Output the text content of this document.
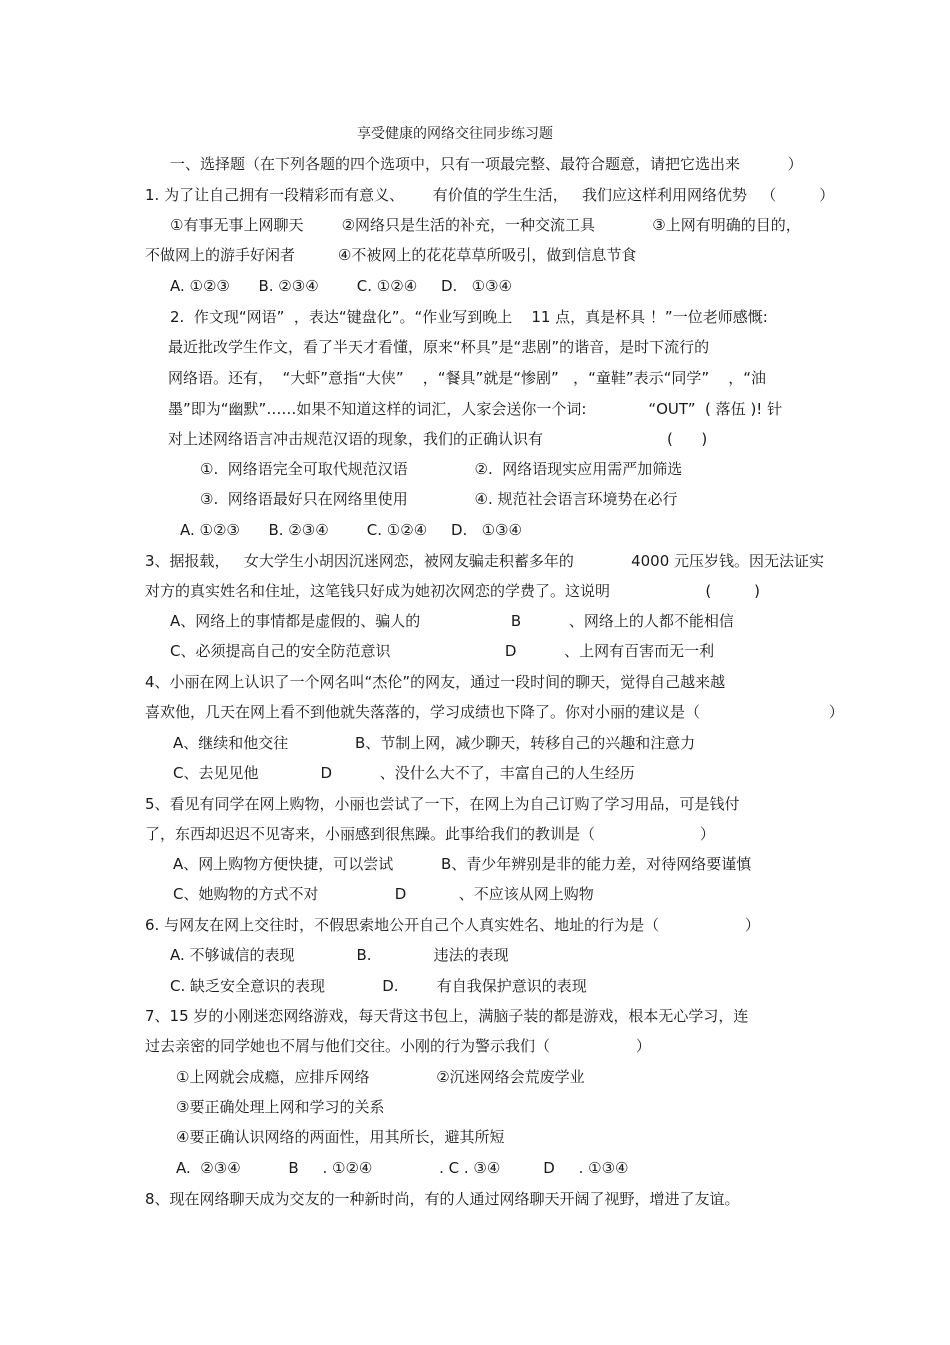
享受健康的网络交往同步练习题
一、选择题（在下列各题的四个选项中，只有一项最完整、最符合题意，请把它选出来          ）
1. 为了让自己拥有一段精彩而有意义、      有价值的学生生活，   我们应这样利用网络优势   （         ）
①有事无事上网聊天        ②网络只是生活的补充，一种交流工具            ③上网有明确的目的，
不做网上的游手好闲者         ④不被网上的花花草草所吸引，做到信息节食
A. ①②③      B. ②③④        C. ①②④     D.   ①③④
2.  作文现“网语”  ，表达“键盘化”。“作业写到晚上    11 点，真是杯具 ！”一位老师感慨:
最近批改学生作文，看了半天才看懂，原来“杯具”是“悲剧”的谐音，是时下流行的
网络语。还有，  “大虾”意指“大侠”    ，“餐具”就是“惨剧”   ，“童鞋”表示“同学”    ，“油
墨”即为“幽默”……如果不知道这样的词汇，人家会送你一个词:             “OUT”  ( 落伍 )! 针
对上述网络语言冲击规范汉语的现象，我们的正确认识有                          (      )
①.  网络语完全可取代规范汉语              ②.  网络语现实应用需严加筛选
③.  网络语最好只在网络里使用              ④. 规范社会语言环境势在必行
A. ①②③      B. ②③④        C. ①②④     D.   ①③④
3、据报载，   女大学生小胡因沉迷网恋，被网友骗走积蓄多年的            4000 元压岁钱。因无法证实
对方的真实姓名和住址，这笔钱只好成为她初次网恋的学费了。这说明                    (         )
A、网络上的事情都是虚假的、骗人的                   B          、网络上的人都不能相信
C、必须提高自己的安全防范意识                        D          、上网有百害而无一利
4、小丽在网上认识了一个网名叫“杰伦”的网友，通过一段时间的聊天，觉得自己越来越
喜欢他，几天在网上看不到他就失落落的，学习成绩也下降了。你对小丽的建议是（                           ）
A、继续和他交往              B、节制上网，减少聊天，转移自己的兴趣和注意力
C、去见见他             D          、没什么大不了，丰富自己的人生经历
5、看见有同学在网上购物，小丽也尝试了一下，在网上为自己订购了学习用品，可是钱付
了，东西却迟迟不见寄来，小丽感到很焦躁。此事给我们的教训是（                      ）
A、网上购物方便快捷，可以尝试          B、青少年辨别是非的能力差，对待网络要谨慎
C、她购物的方式不对                D           、不应该从网上购物
6. 与网友在网上交往时，不假思索地公开自己个人真实姓名、地址的行为是（                  ）
A. 不够诚信的表现             B.             违法的表现
C. 缺乏安全意识的表现            D.        有自我保护意识的表现
7、15 岁的小刚迷恋网络游戏，每天背这书包上，满脑子装的都是游戏，根本无心学习，连
过去亲密的同学她也不屑与他们交往。小刚的行为警示我们（                  ）
①上网就会成瘾，应排斥网络              ②沉迷网络会荒废学业
③要正确处理上网和学习的关系
④要正确认识网络的两面性，用其所长，避其所短
A.  ②③④          B     . ①②④              . C . ③④         D     . ①③④
8、现在网络聊天成为交友的一种新时尚，有的人通过网络聊天开阔了视野，增进了友谊。
